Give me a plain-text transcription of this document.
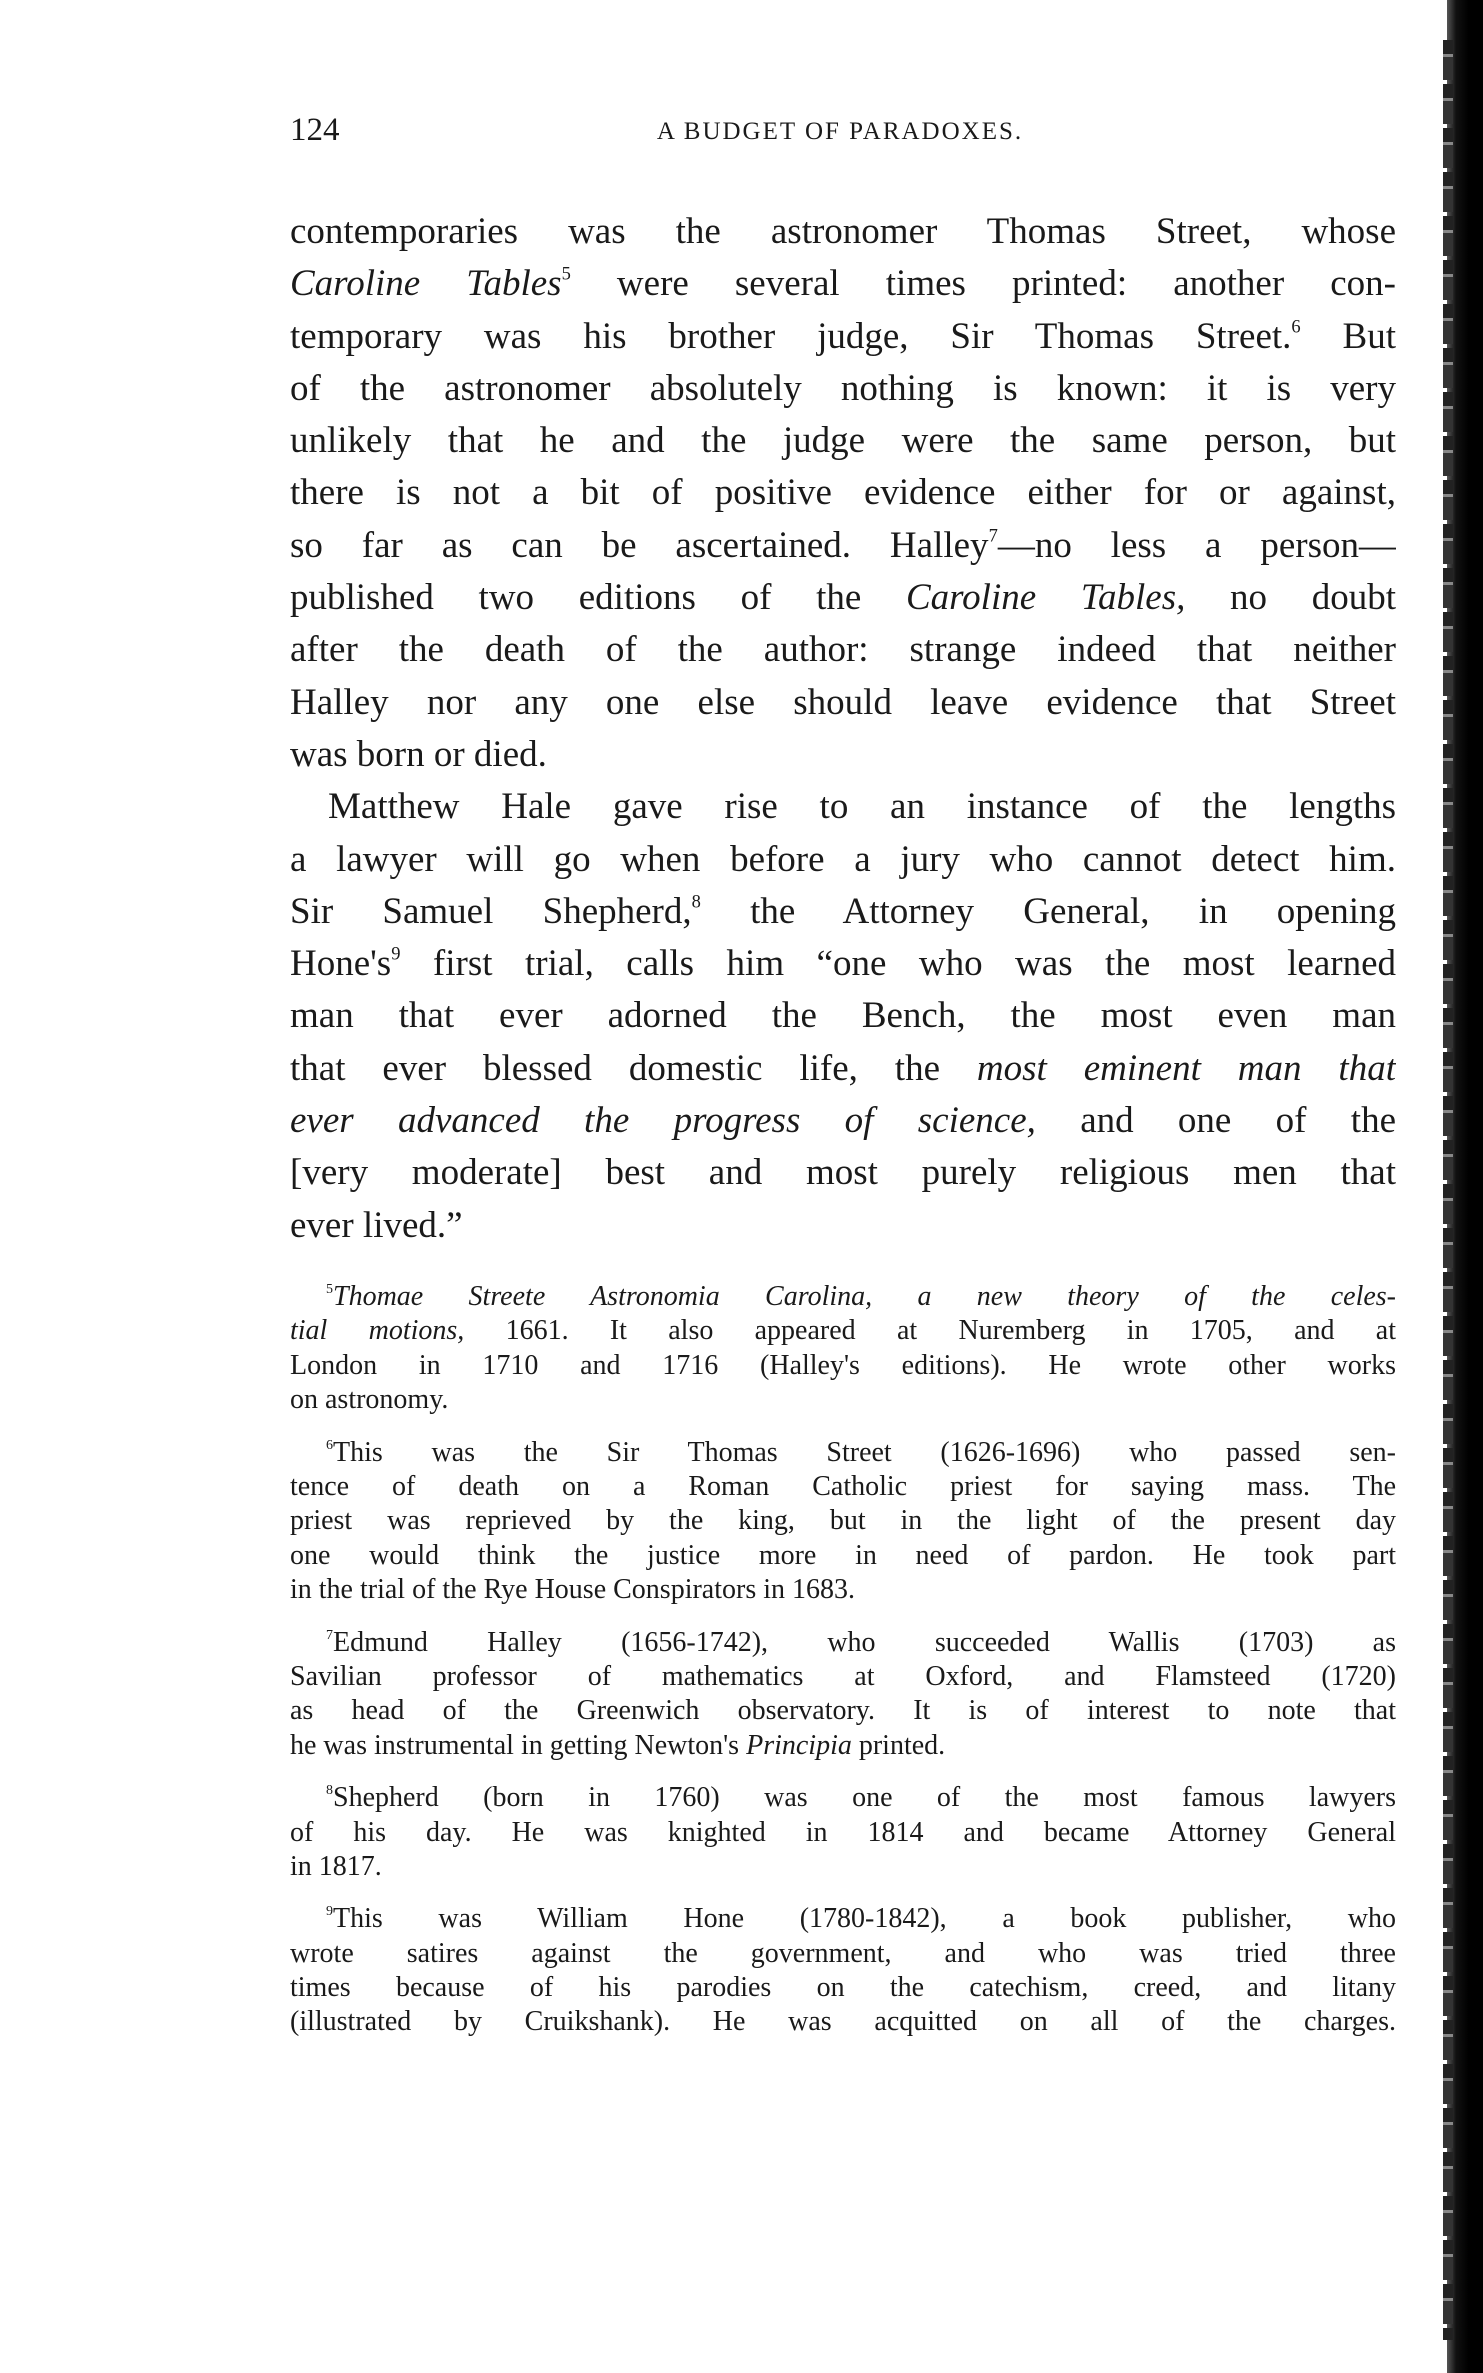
124	A BUDGET OF PARADOXES.
contemporaries was the astronomer Thomas Street, whose
Caroline Tables$^5$ were several times printed: another con-
temporary was his brother judge, Sir Thomas Street.$^6$ But
of the astronomer absolutely nothing is known: it is very
unlikely that he and the judge were the same person, but
there is not a bit of positive evidence either for or against,
so far as can be ascertained. Halley$^7$—no less a person—
published two editions of the Caroline Tables, no doubt
after the death of the author: strange indeed that neither
Halley nor any one else should leave evidence that Street
was born or died.
Matthew Hale gave rise to an instance of the lengths
a lawyer will go when before a jury who cannot detect him.
Sir Samuel Shepherd,$^8$ the Attorney General, in opening
$Hone's^9$ first trial, calls him “one who was the most learned
man that ever adorned the Bench, the most even man
that ever blessed domestic life, the most eminent man that
ever advanced the progress of science, and one of the
[very moderate] best and most purely religious men that
ever lived.”
$^5$Thomae Streete Astronomia Carolina, a new theory of the celes-
tial motions, 1661. It also appeared at Nuremberg in 1705, and at
London in 1710 and 1716 (Halley's editions). He wrote other works
on astronomy.
$^6$This was the Sir Thomas Street (1626-1696) who passed sen-
tence of death on a Roman Catholic priest for saying mass. The
priest was reprieved by the king, but in the light of the present day
one would think the justice more in need of pardon. He took part
in the trial of the Rye House Conspirators in 1683.
$^7$Edmund Halley (1656-1742), who succeeded Wallis (1703) as
Savilian professor of mathematics at Oxford, and Flamsteed (1720)
as head of the Greenwich observatory. It is of interest to note that
he was instrumental in getting Newton's Principia printed.
$^8$Shepherd (born in 1760) was one of the most famous lawyers
of his day. He was knighted in 1814 and became Attorney General
in 1817.
$^9$This was William Hone (1780-1842), a book publisher, who
wrote satires against the government, and who was tried three
times because of his parodies on the catechism, creed, and litany
(illustrated by Cruikshank). He was acquitted on all of the charges.
